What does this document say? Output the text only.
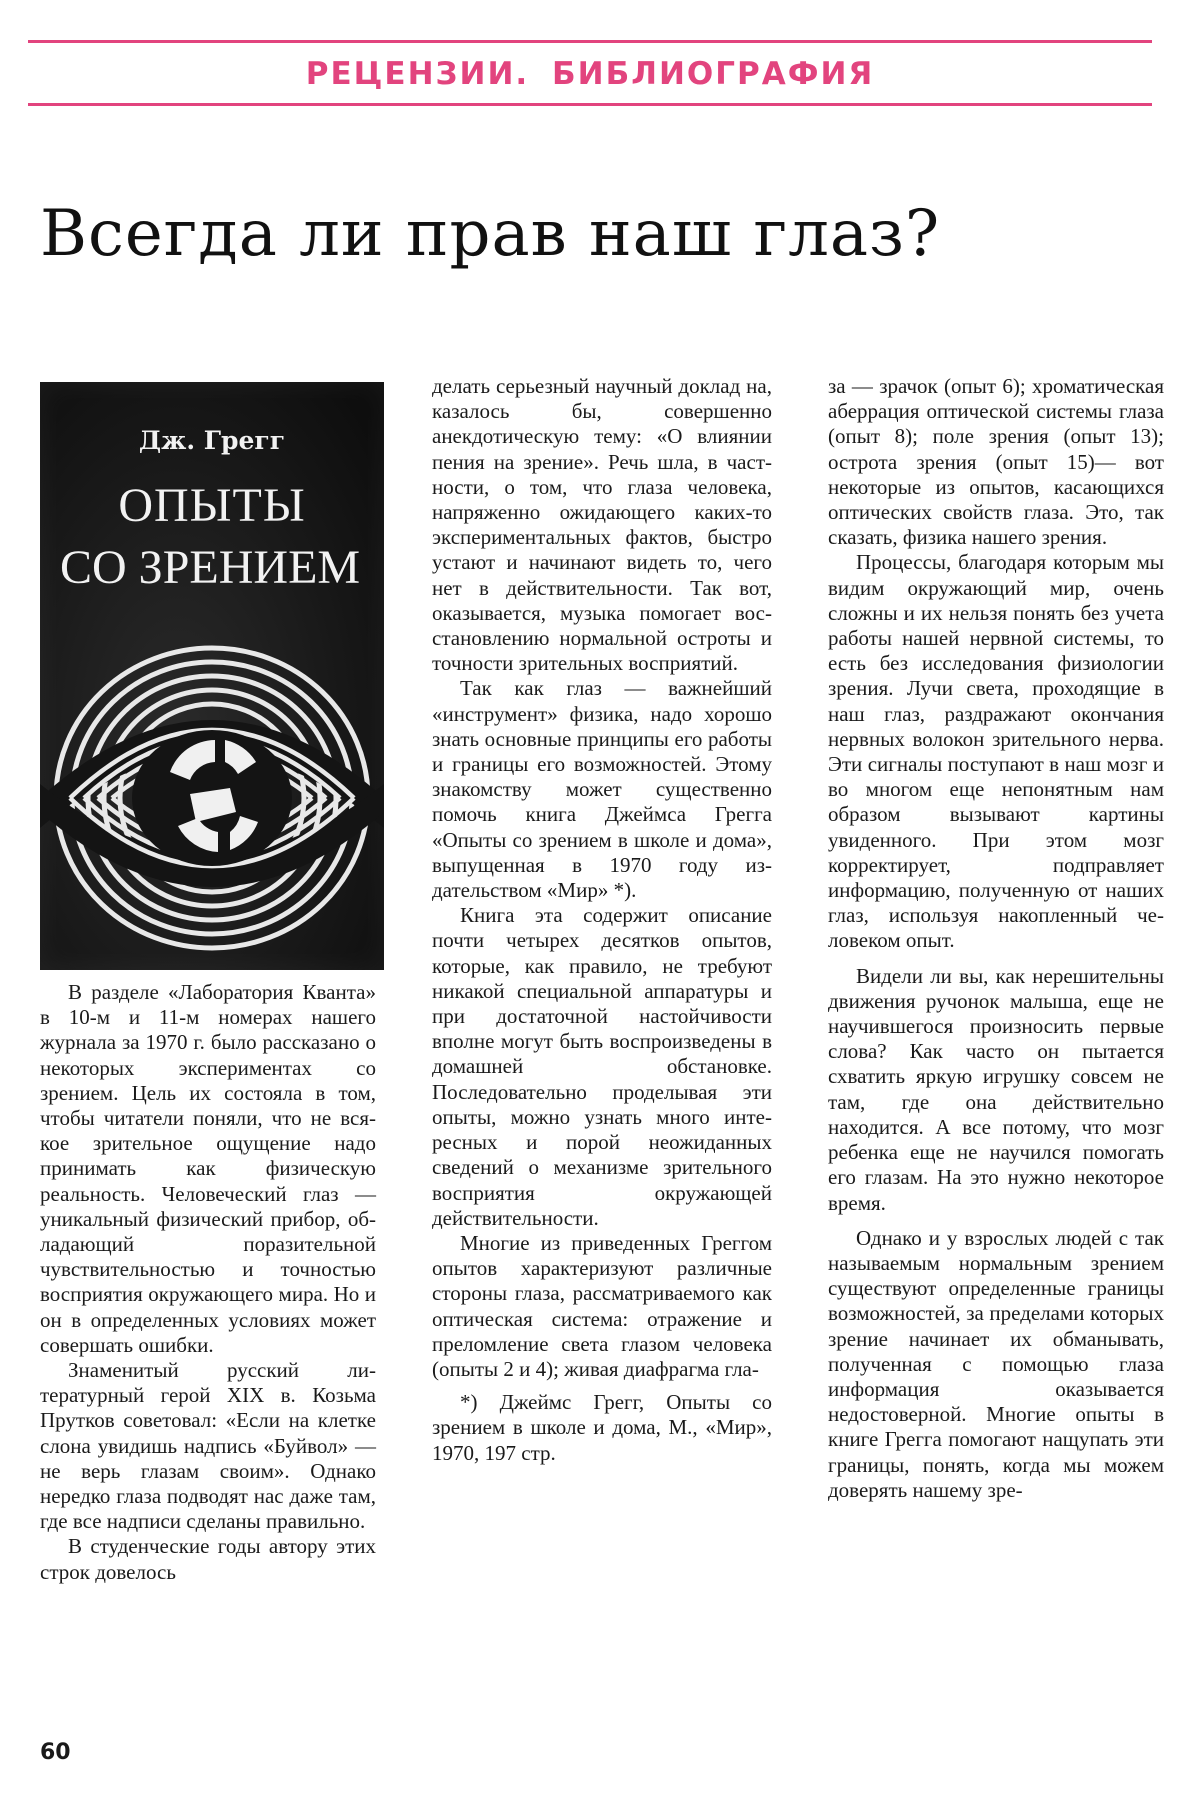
РЕЦЕНЗИИ. БИБЛИОГРАФИЯ
Всегда ли прав наш глаз?
Дж. Грегг
ОПЫТЫ
СО ЗРЕНИЕМ

В разделе «Лаборатория Кванта» в 10-м и 11-м номерах нашего журнала за 1970 г. было рассказано о некоторых экспериментах со зрением. Цель их состояла в том, чтобы читатели поняли, что не всякое зрительное ощущение надо принимать как физическую реальность. Человеческий глаз — уникальный физический прибор, обладающий поразительной чувствительностью и точностью восприятия окружающего мира. Но и он в определенных условиях может совершать ошибки.

Знаменитый русский литературный герой XIX в. Козьма Прутков советовал: «Если на клетке слона увидишь надпись «Буйвол» — не верь глазам своим». Однако нередко глаза подводят нас даже там, где все надписи сделаны правильно.

В студенческие годы автору этих строк довелось

делать серьезный научный доклад на, казалось бы, совершенно анекдотическую тему: «О влиянии пения на зрение». Речь шла, в частности, о том, что глаза человека, напряженно ожидающего каких-то экспериментальных фактов, быстро устают и начинают видеть то, чего нет в действительности. Так вот, оказывается, музыка помогает восстановлению нормальной остроты и точности зрительных восприятий.

Так как глаз — важнейший «инструмент» физика, надо хорошо знать основные принципы его работы и границы его возможностей. Этому знакомству может существенно помочь книга Джеймса Грегга «Опыты со зрением в школе и дома», выпущенная в 1970 году издательством «Мир» *).

Книга эта содержит описание почти четырех десятков опытов, которые, как правило, не требуют никакой специальной аппаратуры и при достаточной настойчивости вполне могут быть воспроизведены в домашней обстановке. Последовательно проделывая эти опыты, можно узнать много интересных и порой неожиданных сведений о механизме зрительного восприятия окружающей действительности.

Многие из приведенных Греггом опытов характеризуют различные стороны глаза, рассматриваемого как оптическая система: отражение и преломление света глазом человека (опыты 2 и 4); живая диафрагма гла-

*) Джеймс Грегг, Опыты со зрением в школе и дома, М., «Мир», 1970, 197 стр.

за — зрачок (опыт 6); хроматическая аберрация оптической системы глаза (опыт 8); поле зрения (опыт 13); острота зрения (опыт 15)— вот некоторые из опытов, касающихся оптических свойств глаза. Это, так сказать, физика нашего зрения.

Процессы, благодаря которым мы видим окружающий мир, очень сложны и их нельзя понять без учета работы нашей нервной системы, то есть без исследования физиологии зрения. Лучи света, проходящие в наш глаз, раздражают окончания нервных волокон зрительного нерва. Эти сигналы поступают в наш мозг и во многом еще непонятным нам образом вызывают картины увиденного. При этом мозг корректирует, подправляет информацию, полученную от наших глаз, используя накопленный человеком опыт.

Видели ли вы, как нерешительны движения ручонок малыша, еще не научившегося произносить первые слова? Как часто он пытается схватить яркую игрушку совсем не там, где она действительно находится. А все потому, что мозг ребенка еще не научился помогать его глазам. На это нужно некоторое время.

Однако и у взрослых людей с так называемым нормальным зрением существуют определенные границы возможностей, за пределами которых зрение начинает их обманывать, полученная с помощью глаза информация оказывается недостоверной. Многие опыты в книге Грегга помогают нащупать эти границы, понять, когда мы можем доверять нашему зре-

60
